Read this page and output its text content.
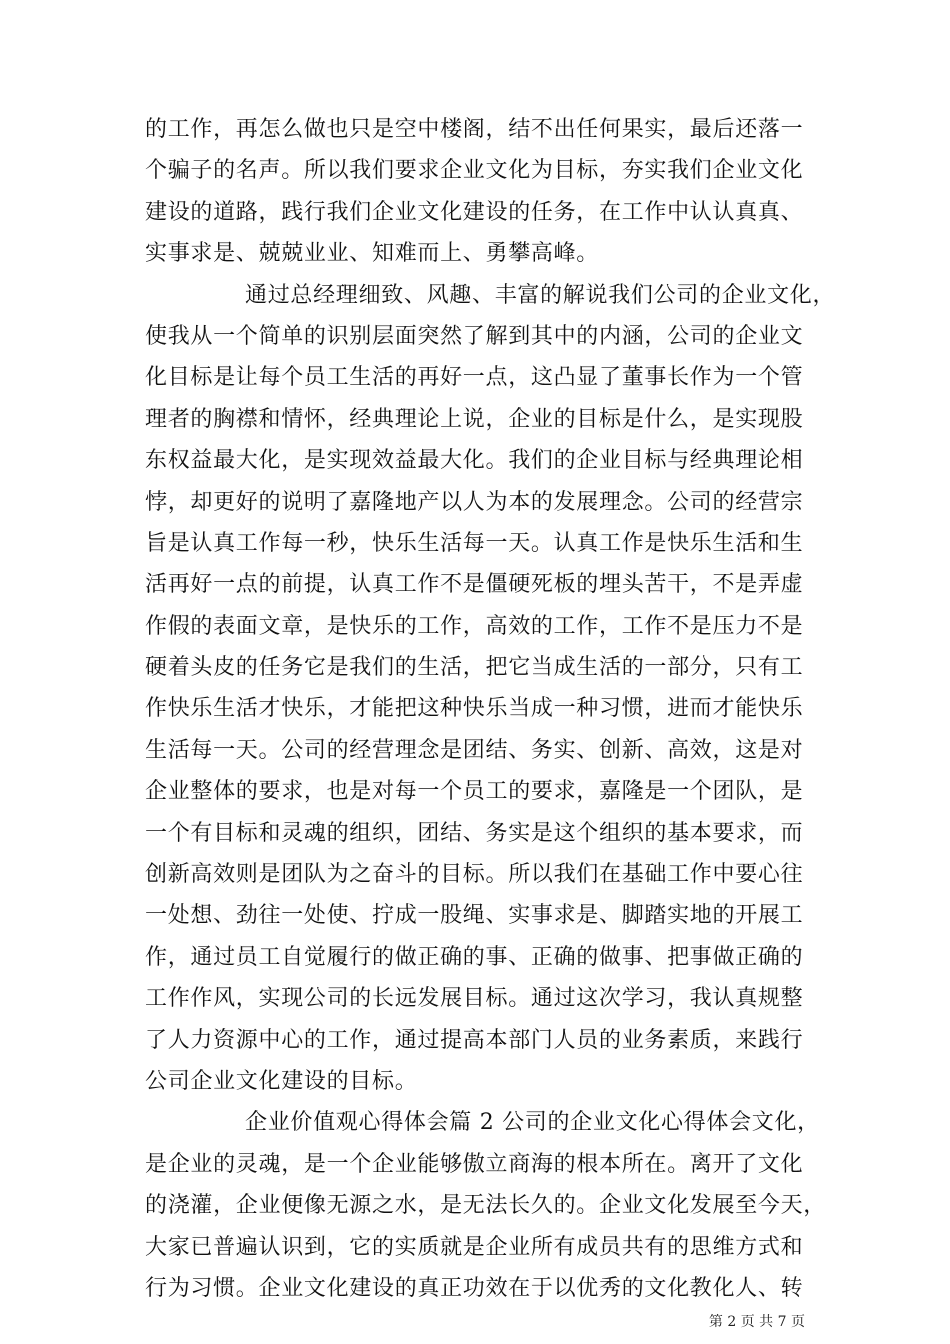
的工作，再怎么做也只是空中楼阁，结不出任何果实，最后还落一
个骗子的名声。所以我们要求企业文化为目标，夯实我们企业文化
建设的道路，践行我们企业文化建设的任务，在工作中认认真真、
实事求是、兢兢业业、知难而上、勇攀高峰。
通过总经理细致、风趣、丰富的解说我们公司的企业文化，
使我从一个简单的识别层面突然了解到其中的内涵，公司的企业文
化目标是让每个员工生活的再好一点，这凸显了董事长作为一个管
理者的胸襟和情怀，经典理论上说，企业的目标是什么，是实现股
东权益最大化，是实现效益最大化。我们的企业目标与经典理论相
悖，却更好的说明了嘉隆地产以人为本的发展理念。公司的经营宗
旨是认真工作每一秒，快乐生活每一天。认真工作是快乐生活和生
活再好一点的前提，认真工作不是僵硬死板的埋头苦干，不是弄虚
作假的表面文章，是快乐的工作，高效的工作，工作不是压力不是
硬着头皮的任务它是我们的生活，把它当成生活的一部分，只有工
作快乐生活才快乐，才能把这种快乐当成一种习惯，进而才能快乐
生活每一天。公司的经营理念是团结、务实、创新、高效，这是对
企业整体的要求，也是对每一个员工的要求，嘉隆是一个团队，是
一个有目标和灵魂的组织，团结、务实是这个组织的基本要求，而
创新高效则是团队为之奋斗的目标。所以我们在基础工作中要心往
一处想、劲往一处使、拧成一股绳、实事求是、脚踏实地的开展工
作，通过员工自觉履行的做正确的事、正确的做事、把事做正确的
工作作风，实现公司的长远发展目标。通过这次学习，我认真规整
了人力资源中心的工作，通过提高本部门人员的业务素质，来践行
公司企业文化建设的目标。
企业价值观心得体会篇 2 公司的企业文化心得体会文化，
是企业的灵魂，是一个企业能够傲立商海的根本所在。离开了文化
的浇灌，企业便像无源之水，是无法长久的。企业文化发展至今天，
大家已普遍认识到，它的实质就是企业所有成员共有的思维方式和
行为习惯。企业文化建设的真正功效在于以优秀的文化教化人、转
第 2 页 共 7 页
